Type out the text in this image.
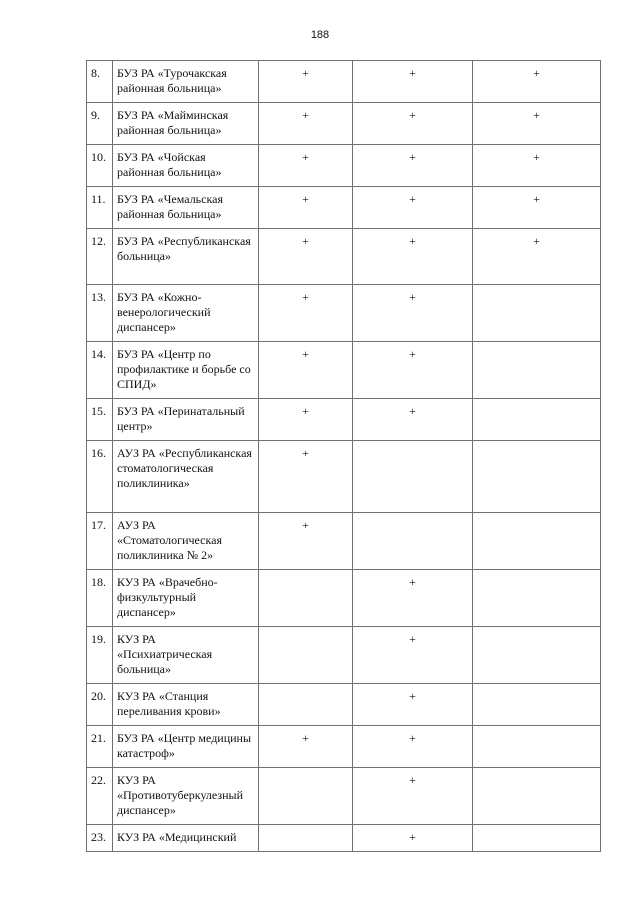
188
8.	БУЗ РА «Турочакская районная больница»	+	+	+
9.	БУЗ РА «Майминская районная больница»	+	+	+
10.	БУЗ РА «Чойская районная больница»	+	+	+
11.	БУЗ РА «Чемальская районная больница»	+	+	+
12.	БУЗ РА «Республиканская больница»	+	+	+
13.	БУЗ РА «Кожно-венерологический диспансер»	+	+	
14.	БУЗ РА «Центр по профилактике и борьбе со СПИД»	+	+	
15.	БУЗ РА «Перинатальный центр»	+	+	
16.	АУЗ РА «Республиканская стоматологическая поликлиника»	+		
17.	АУЗ РА «Стоматологическая поликлиника № 2»	+		
18.	КУЗ РА «Врачебно-физкультурный диспансер»		+	
19.	КУЗ РА «Психиатрическая больница»		+	
20.	КУЗ РА «Станция переливания крови»		+	
21.	БУЗ РА «Центр медицины катастроф»	+	+	
22.	КУЗ РА «Противотуберкулезный диспансер»		+	
23.	КУЗ РА «Медицинский		+	
